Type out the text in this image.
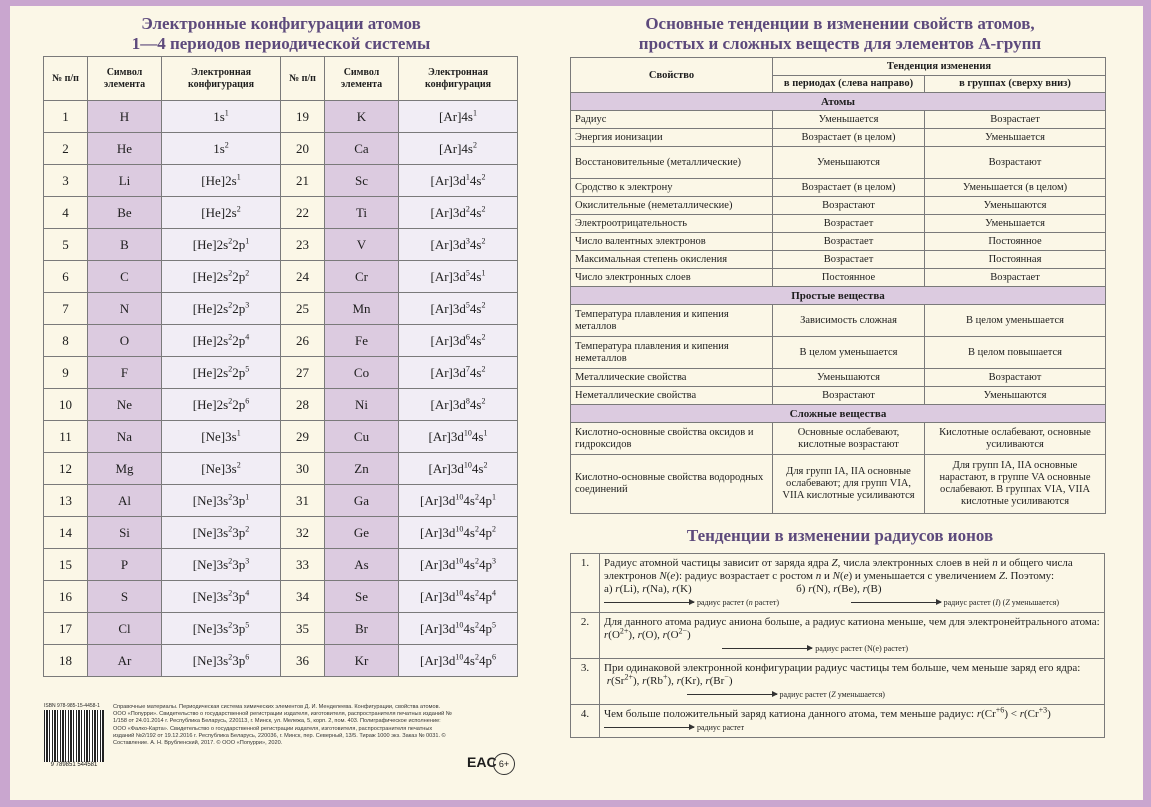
Электронные конфигурации атомов
1—4 периодов периодической системы
№ п/п	Символ элемента	Электронная конфигурация	№ п/п	Символ элемента	Электронная конфигурация
1	H	$1s^1$	19	K	$[Ar]4s^1$
2	He	$1s^2$	20	Ca	$[Ar]4s^2$
3	Li	$[He]2s^1$	21	Sc	$[Ar]3d^14s^2$
4	Be	$[He]2s^2$	22	Ti	$[Ar]3d^24s^2$
5	B	$[He]2s^22p^1$	23	V	$[Ar]3d^34s^2$
6	C	$[He]2s^22p^2$	24	Cr	$[Ar]3d^54s^1$
7	N	$[He]2s^22p^3$	25	Mn	$[Ar]3d^54s^2$
8	O	$[He]2s^22p^4$	26	Fe	$[Ar]3d^64s^2$
9	F	$[He]2s^22p^5$	27	Co	$[Ar]3d^74s^2$
10	Ne	$[He]2s^22p^6$	28	Ni	$[Ar]3d^84s^2$
11	Na	$[Ne]3s^1$	29	Cu	$[Ar]3d^{10}4s^1$
12	Mg	$[Ne]3s^2$	30	Zn	$[Ar]3d^{10}4s^2$
13	Al	$[Ne]3s^23p^1$	31	Ga	$[Ar]3d^{10}4s^24p^1$
14	Si	$[Ne]3s^23p^2$	32	Ge	$[Ar]3d^{10}4s^24p^2$
15	P	$[Ne]3s^23p^3$	33	As	$[Ar]3d^{10}4s^24p^3$
16	S	$[Ne]3s^23p^4$	34	Se	$[Ar]3d^{10}4s^24p^4$
17	Cl	$[Ne]3s^23p^5$	35	Br	$[Ar]3d^{10}4s^24p^5$
18	Ar	$[Ne]3s^23p^6$	36	Kr	$[Ar]3d^{10}4s^24p^6$
ISBN 978-985-15-4458-1
9 789851 544581
Справочные материалы. Периодическая система химических элементов Д. И. Менделеева. Конфигурации, свойства атомов. ООО «Попурри». Свидетельство о государственной регистрации издателя, изготовителя, распространителя печатных изданий № 1/158 от 24.01.2014 г. Республика Беларусь, 220113, г. Минск, ул. Мележа, 5, корп. 2, пом. 403. Полиграфическое исполнение: ООО «Фалко-Карта». Свидетельство о государственной регистрации издателя, изготовителя, распространителя печатных изданий №2/192 от 19.12.2016 г. Республика Беларусь, 220036, г. Минск, пер. Северный, 13/5. Тираж 1000 экз. Заказ № 0031. © Составление. А. Н. Врубленский, 2017. © ООО «Попурри», 2020.
EAC 6+
Основные тенденции в изменении свойств атомов,
простых и сложных веществ для элементов А-групп
Свойство	Тенденция изменения	
	в периодах (слева направо)	в группах (сверху вниз)
Атомы		
Радиус	Уменьшается	Возрастает
Энергия ионизации	Возрастает (в целом)	Уменьшается
Восстановительные (металлические)	Уменьшаются	Возрастают
Сродство к электрону	Возрастает (в целом)	Уменьшается (в целом)
Окислительные (неметаллические)	Возрастают	Уменьшаются
Электроотрицательность	Возрастает	Уменьшается
Число валентных электронов	Возрастает	Постоянное
Максимальная степень окисления	Возрастает	Постоянная
Число электронных слоев	Постоянное	Возрастает
Простые вещества		
Температура плавления и кипения металлов	Зависимость сложная	В целом уменьшается
Температура плавления и кипения неметаллов	В целом уменьшается	В целом повышается
Металлические свойства	Уменьшаются	Возрастают
Неметаллические свойства	Возрастают	Уменьшаются
Сложные вещества		
Кислотно-основные свойства оксидов и гидроксидов	Основные ослабевают, кислотные возрастают	Кислотные ослабевают, основные усиливаются
Кислотно-основные свойства водородных соединений	Для групп IA, IIA основные ослабевают; для групп VIA, VIIA кислотные усиливаются	Для групп IA, IIA основные нарастают, в группе VA основные ослабевают. В группах VIA, VIIA кислотные усиливаются
Тенденции в изменении радиусов ионов
1.	Радиус атомной частицы зависит от заряда ядра Z, числа электронных слоев в ней n и общего числа электронов N(e): радиус возрастает с ростом n и N(e) и уменьшается с увеличением Z. Поэтому:
а) r(Li), r(Na), r(K)                                      б) r(N), r(Be), r(B)
радиус растет (n растет) радиус растет (I) (Z уменьшается)
2.	Для данного атома радиус аниона больше, а радиус катиона меньше, чем для электронейтрального атома: $r(O^{2+})$, r(O), $r(O^{2-})$
радиус растет (N(e) растет)
3.	При одинаковой электронной конфигурации радиус частицы тем больше, чем меньше заряд его ядра:  $r(Sr^{2+})$, r(Rb+), r(Kr), r(Br−)
радиус растет (Z уменьшается)
4.	Чем больше положительный заряд катиона данного атома, тем меньше радиус: $r(Cr^{+6}) < r(Cr^{+3})$
радиус растет
